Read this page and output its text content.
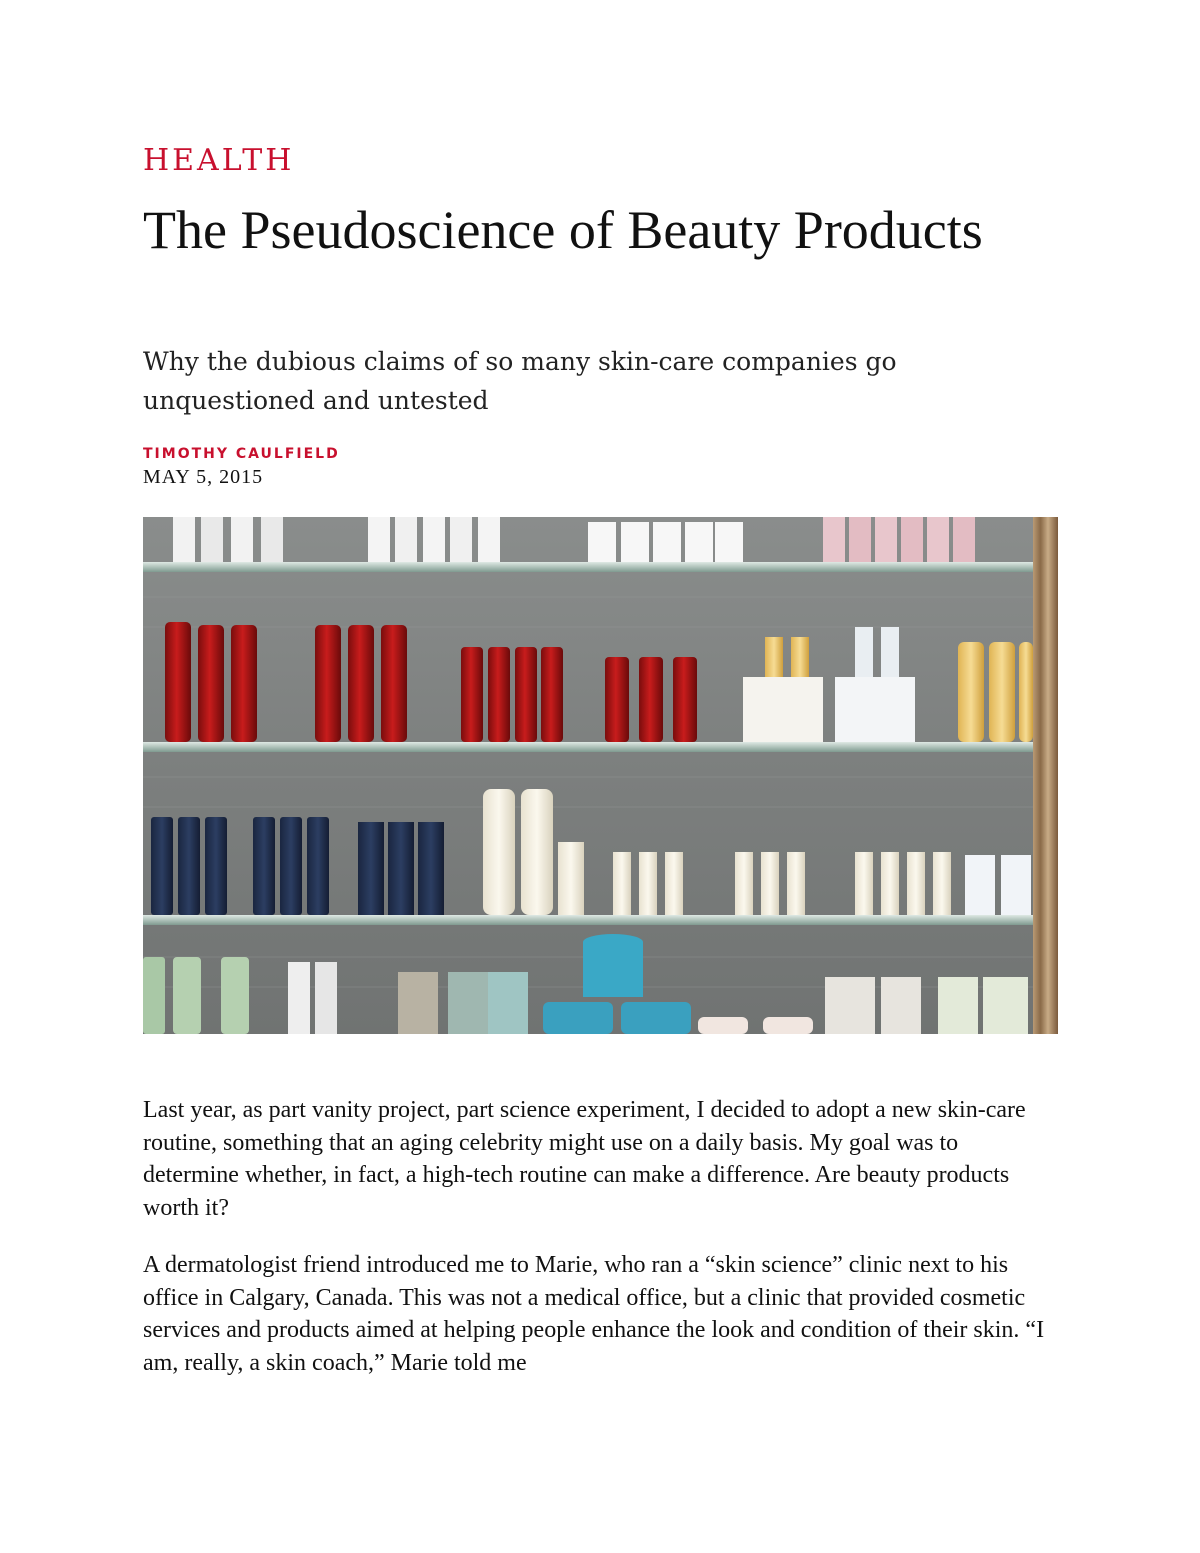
HEALTH
The Pseudoscience of Beauty Products

Why the dubious claims of so many skin-care companies go unquestioned and untested

TIMOTHY CAULFIELD
MAY 5, 2015

Last year, as part vanity project, part science experiment, I decided to adopt a new skin-care routine, something that an aging celebrity might use on a daily basis. My goal was to determine whether, in fact, a high-tech routine can make a difference. Are beauty products worth it?

A dermatologist friend introduced me to Marie, who ran a “skin science” clinic next to his office in Calgary, Canada. This was not a medical office, but a clinic that provided cosmetic services and products aimed at helping people enhance the look and condition of their skin. “I am, really, a skin coach,” Marie told me
